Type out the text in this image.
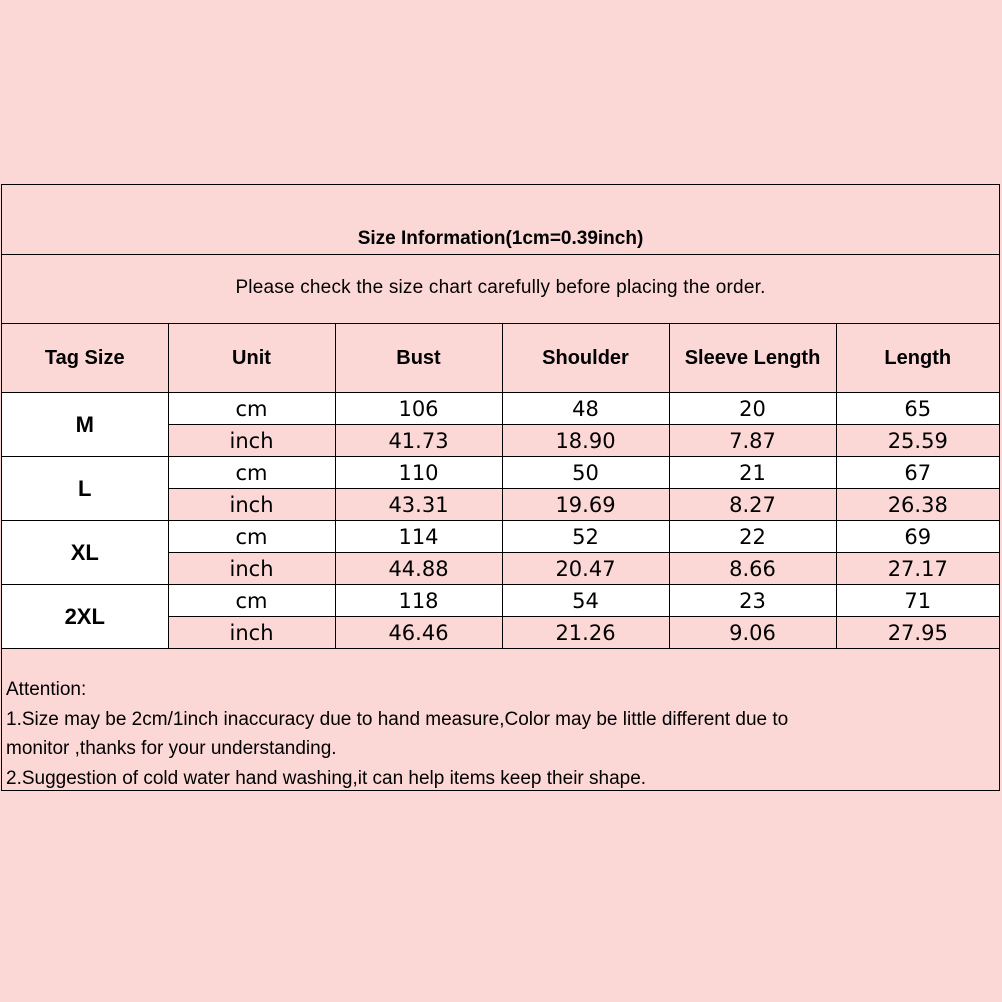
Size Information(1cm=0.39inch)
Please check the size chart carefully before placing the order.
Tag Size	Unit	Bust	Shoulder	Sleeve Length	Length
M	cm	106	48	20	65
	inch	41.73	18.90	7.87	25.59
L	cm	110	50	21	67
	inch	43.31	19.69	8.27	26.38
XL	cm	114	52	22	69
	inch	44.88	20.47	8.66	27.17
2XL	cm	118	54	23	71
	inch	46.46	21.26	9.06	27.95
Attention:
1.Size may be 2cm/1inch inaccuracy due to hand measure,Color may be little different due to
monitor ,thanks for your understanding.
2.Suggestion of cold water hand washing,it can help items keep their shape.
